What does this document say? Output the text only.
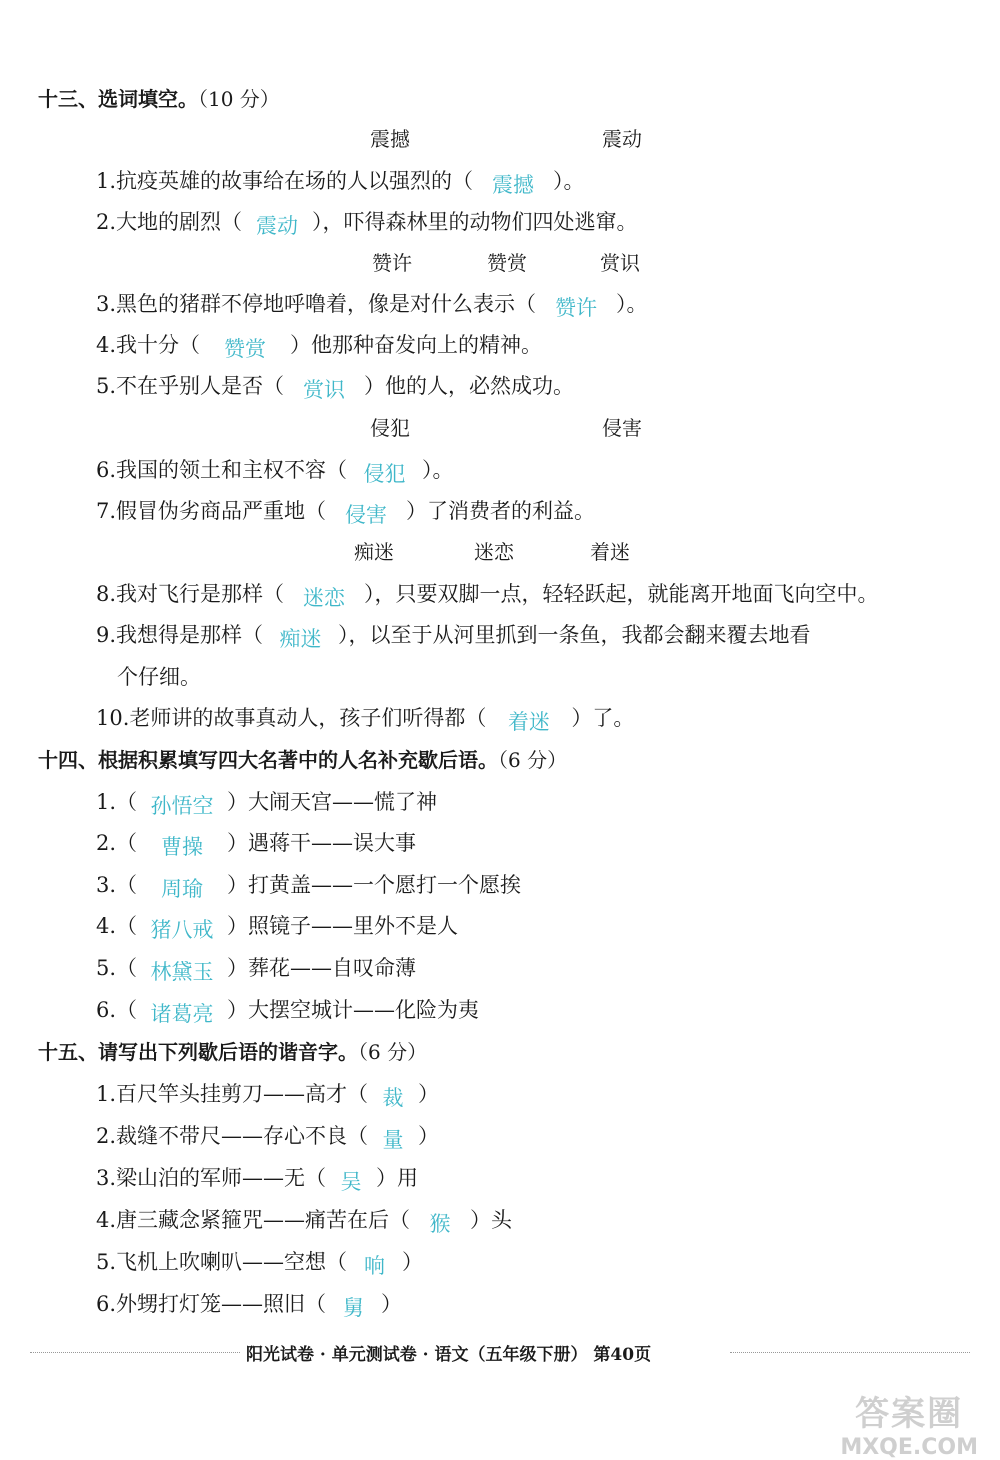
十三、选词填空。（10 分）
震撼	震动
1.抗疫英雄的故事给在场的人以强烈的（ 震撼 ）。
2.大地的剧烈（ 震动 ），吓得森林里的动物们四处逃窜。
赞许	赞赏	赏识
3.黑色的猪群不停地呼噜着，像是对什么表示（ 赞许 ）。
4.我十分（ 赞赏 ）他那种奋发向上的精神。
5.不在乎别人是否（ 赏识 ）他的人，必然成功。
侵犯	侵害
6.我国的领土和主权不容（ 侵犯 ）。
7.假冒伪劣商品严重地（ 侵害 ）了消费者的利益。
痴迷	迷恋	着迷
8.我对飞行是那样（ 迷恋 ），只要双脚一点，轻轻跃起，就能离开地面飞向空中。
9.我想得是那样（ 痴迷 ），以至于从河里抓到一条鱼，我都会翻来覆去地看
个仔细。
10.老师讲的故事真动人，孩子们听得都（ 着迷 ）了。
十四、根据积累填写四大名著中的人名补充歇后语。（6 分）
1.（ 孙悟空 ）大闹天宫——慌了神
2.（ 曹操 ）遇蒋干——误大事
3.（ 周瑜 ）打黄盖——一个愿打一个愿挨
4.（ 猪八戒 ）照镜子——里外不是人
5.（ 林黛玉 ）葬花——自叹命薄
6.（ 诸葛亮 ）大摆空城计——化险为夷
十五、请写出下列歇后语的谐音字。（6 分）
1.百尺竿头挂剪刀——高才（ 裁 ）
2.裁缝不带尺——存心不良（ 量 ）
3.梁山泊的军师——无（ 吴 ）用
4.唐三藏念紧箍咒——痛苦在后（ 猴 ）头
5.飞机上吹喇叭——空想（ 响 ）
6.外甥打灯笼——照旧（ 舅 ）
阳光试卷 · 单元测试卷 · 语文（五年级下册） 第40页
答案圈
MXQE.COM
